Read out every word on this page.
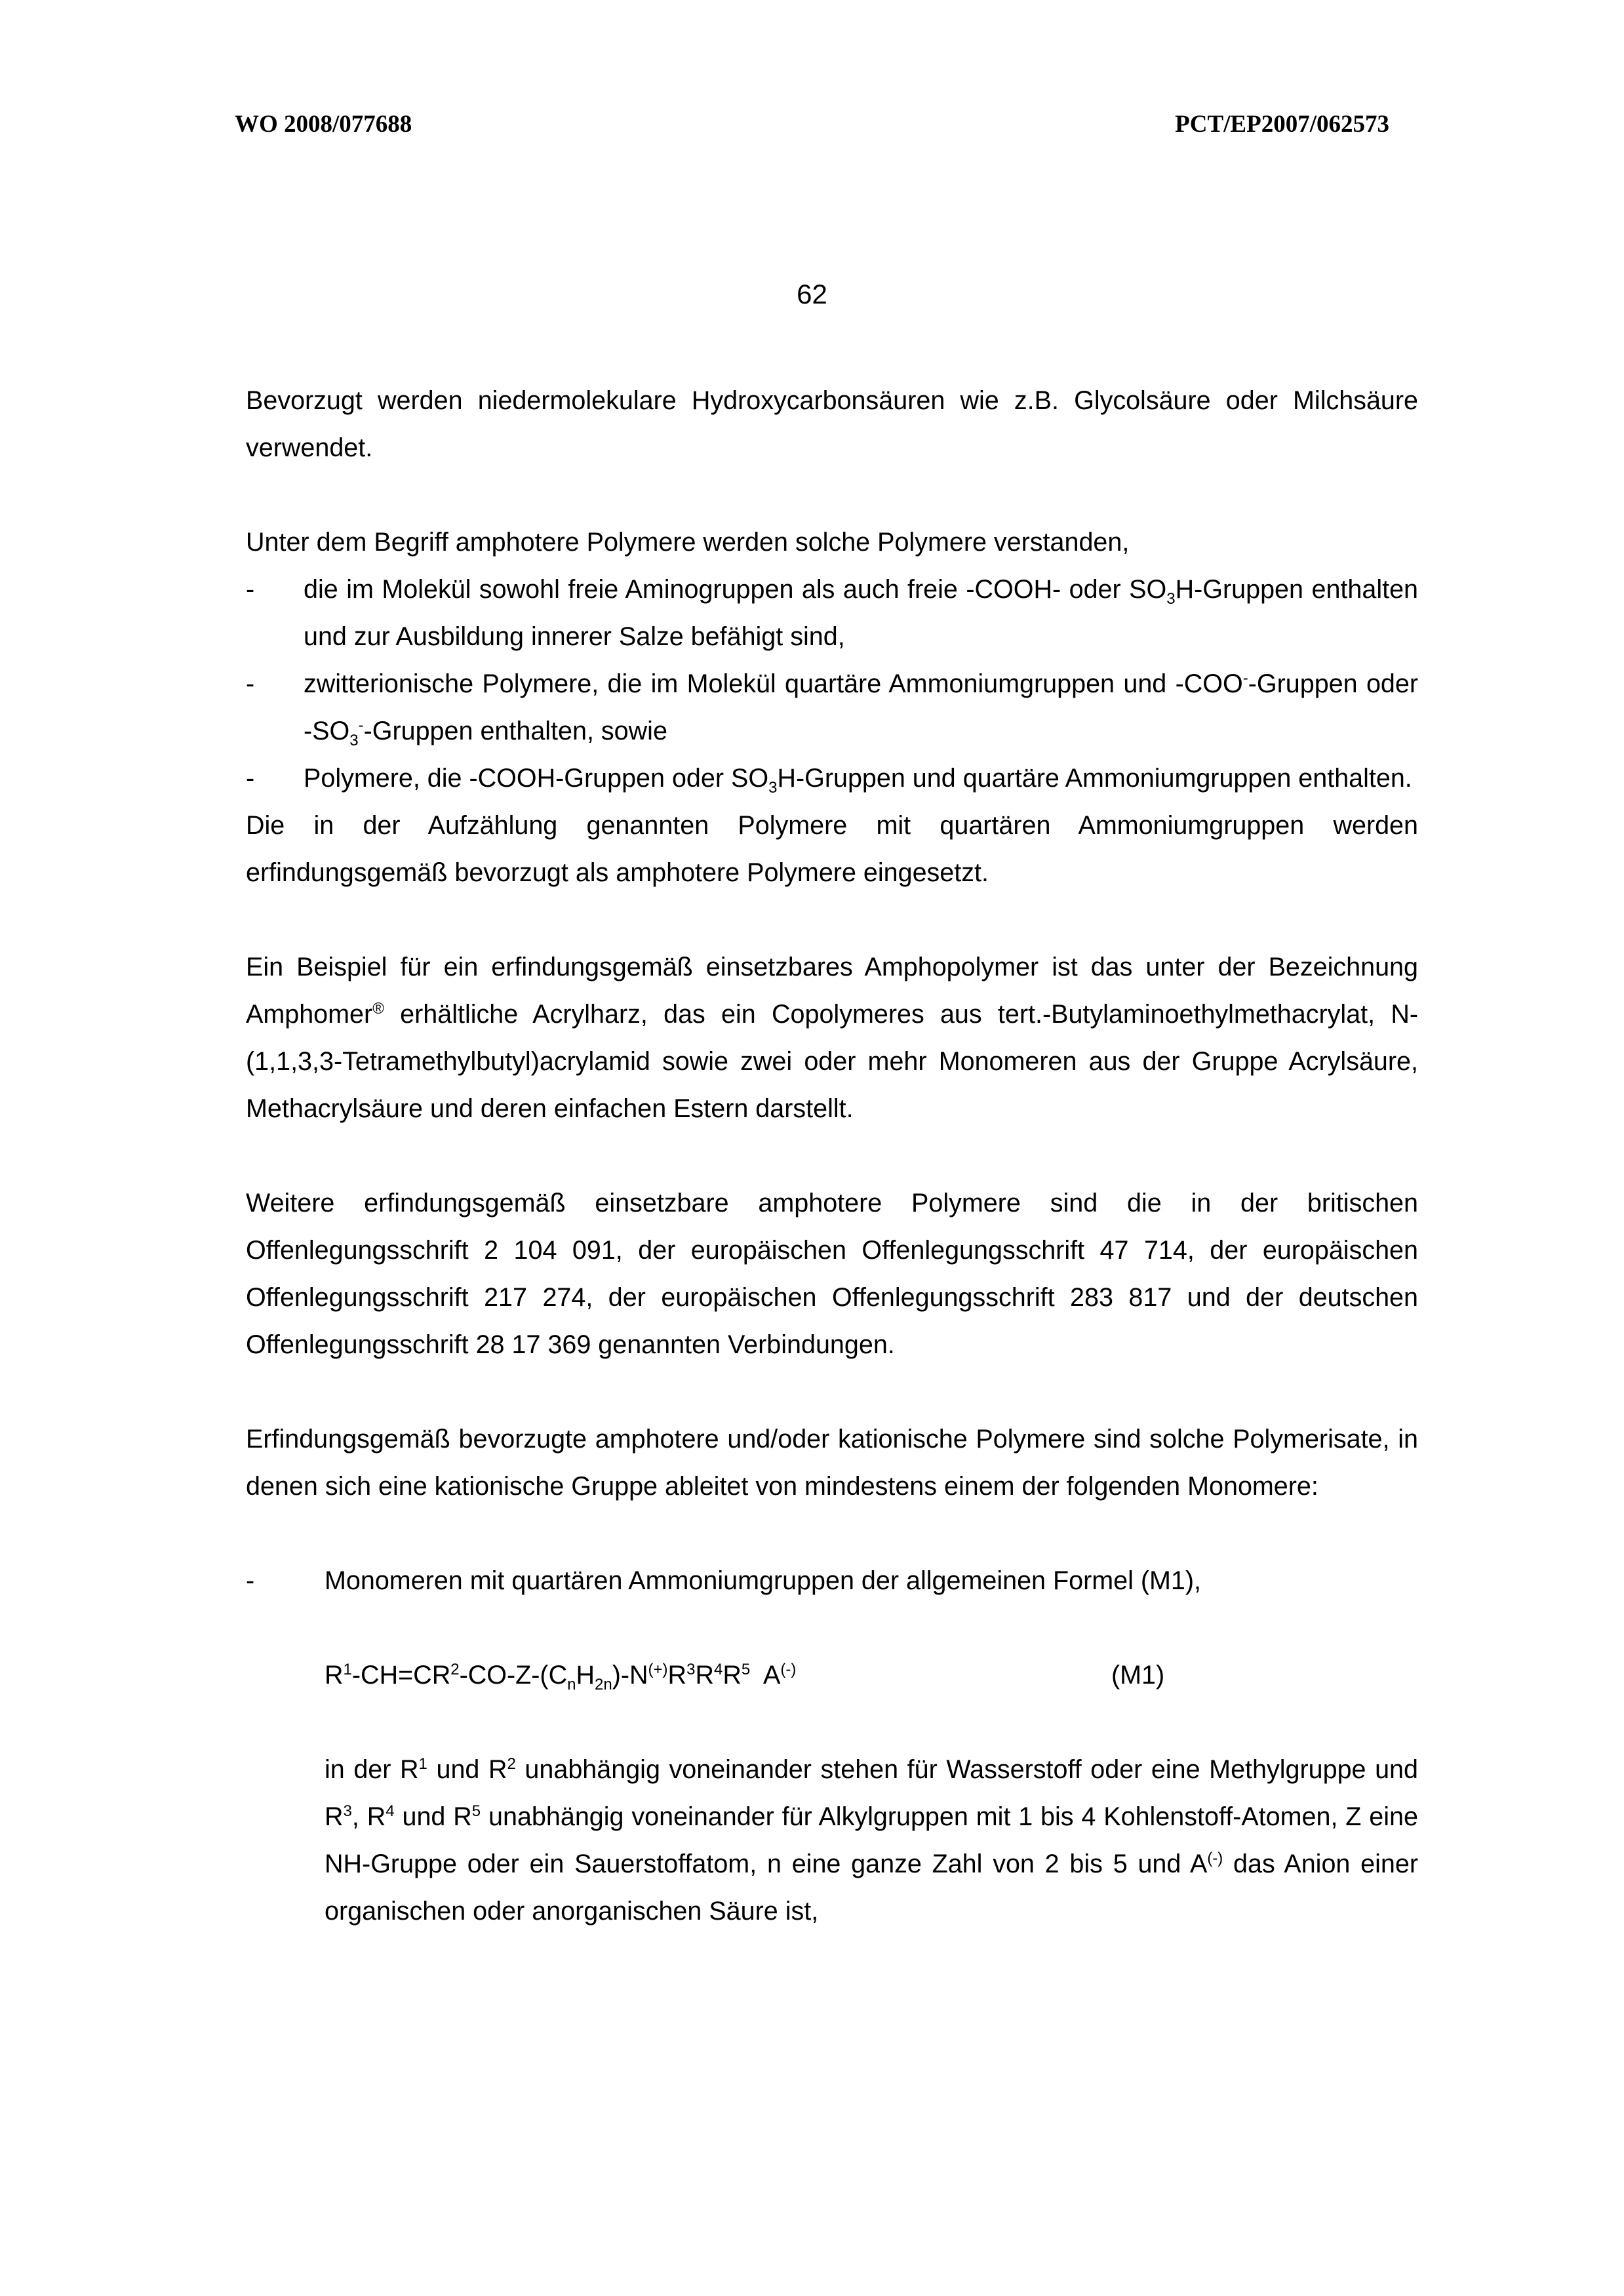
WO 2008/077688	PCT/EP2007/062573
62

Bevorzugt werden niedermolekulare Hydroxycarbonsäuren wie z.B. Glycolsäure oder Milchsäure verwendet.

Unter dem Begriff amphotere Polymere werden solche Polymere verstanden,

-	die im Molekül sowohl freie Aminogruppen als auch freie -COOH- oder $SO_3H$-Gruppen enthalten und zur Ausbildung innerer Salze befähigt sind,
-	zwitterionische Polymere, die im Molekül quartäre Ammoniumgruppen und -COO--Gruppen oder $-SO_3^-$-Gruppen enthalten, sowie
-	Polymere, die -COOH-Gruppen oder $SO_3H$-Gruppen und quartäre Ammoniumgruppen enthalten.

Die in der Aufzählung genannten Polymere mit quartären Ammoniumgruppen werden erfindungsgemäß bevorzugt als amphotere Polymere eingesetzt.

Ein Beispiel für ein erfindungsgemäß einsetzbares Amphopolymer ist das unter der Bezeichnung Amphomer® erhältliche Acrylharz, das ein Copolymeres aus tert.-Butylaminoethylmethacrylat, N-(1,1,3,3-Tetramethylbutyl)acrylamid sowie zwei oder mehr Monomeren aus der Gruppe Acrylsäure, Methacrylsäure und deren einfachen Estern darstellt.

Weitere erfindungsgemäß einsetzbare amphotere Polymere sind die in der britischen Offenlegungsschrift 2 104 091, der europäischen Offenlegungsschrift 47 714, der europäischen Offenlegungsschrift 217 274, der europäischen Offenlegungsschrift 283 817 und der deutschen Offenlegungsschrift 28 17 369 genannten Verbindungen.

Erfindungsgemäß bevorzugte amphotere und/oder kationische Polymere sind solche Polymerisate, in denen sich eine kationische Gruppe ableitet von mindestens einem der folgenden Monomere:

-	Monomeren mit quartären Ammoniumgruppen der allgemeinen Formel (M1),
$R^1-CH=CR^2-CO-Z-(C_nH_{2n})-N^{(+)}R^3R^4R^5$  A(-)	(M1)

in der $R^1$ und $R^2$ unabhängig voneinander stehen für Wasserstoff oder eine Methylgruppe und $R^3$, $R^4$ und $R^5$ unabhängig voneinander für Alkylgruppen mit 1 bis 4 Kohlenstoff-Atomen, Z eine NH-Gruppe oder ein Sauerstoffatom, n eine ganze Zahl von 2 bis 5 und A(-) das Anion einer organischen oder anorganischen Säure ist,
